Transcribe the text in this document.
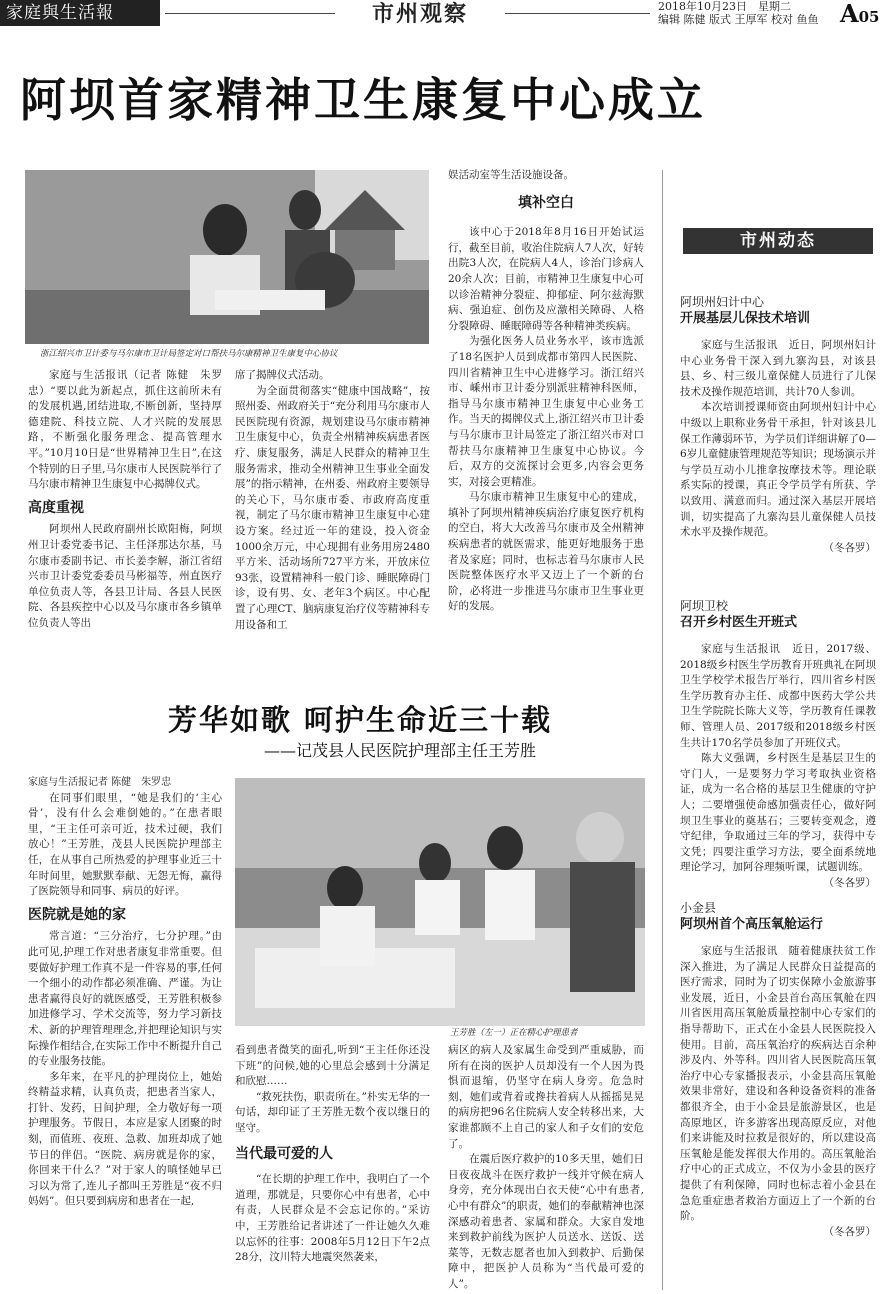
家庭與生活報	市州观察	2018年10月23日　星期二
编辑 陈健 版式 王厚军 校对 鱼鱼 A05
阿坝首家精神卫生康复中心成立
浙江绍兴市卫计委与马尔康市卫计局签定对口帮扶马尔康精神卫生康复中心协议

家庭与生活报讯（记者 陈健　朱罗忠）“要以此为新起点，抓住这前所未有的发展机遇,团结进取,不断创新，坚持厚德建院、科技立院、人才兴院的发展思路，不断强化服务理念、提高管理水平。”10月10日是“世界精神卫生日”,在这个特别的日子里,马尔康市人民医院举行了马尔康市精神卫生康复中心揭牌仪式。

高度重视

阿坝州人民政府副州长欧阳梅，阿坝州卫计委党委书记、主任泽那达尔基，马尔康市委副书记、市长姜李解，浙江省绍兴市卫计委党委委员马彬福等，州直医疗单位负责人等，各县卫计局、各县人民医院、各县疾控中心以及马尔康市各乡镇单位负责人等出

席了揭牌仪式活动。

为全面贯彻落实“健康中国战略”，按照州委、州政府关于“充分利用马尔康市人民医院现有资源，规划建设马尔康市精神卫生康复中心，负责全州精神疾病患者医疗、康复服务，满足人民群众的精神卫生服务需求，推动全州精神卫生事业全面发展”的指示精神，在州委、州政府主要领导的关心下，马尔康市委、市政府高度重视，制定了马尔康市精神卫生康复中心建设方案。经过近一年的建设，投入资金1000余万元，中心现拥有业务用房2480平方米、活动场所727平方米，开放床位93张，设置精神科一般门诊、睡眠障碍门诊，设有男、女、老年3个病区。中心配置了心理CT、脑病康复治疗仪等精神科专用设备和工

娱活动室等生活设施设备。

填补空白

该中心于2018年8月16日开始试运行，截至目前，收治住院病人7人次，好转出院3人次，在院病人4人，诊治门诊病人20余人次；目前，市精神卫生康复中心可以诊治精神分裂症、抑郁症、阿尔兹海默病、强迫症、创伤及应激相关障碍、人格分裂障碍、睡眠障碍等各种精神类疾病。

为强化医务人员业务水平，该市选派了18名医护人员到成都市第四人民医院、四川省精神卫生中心进修学习。浙江绍兴市、嵊州市卫计委分别派驻精神科医师，指导马尔康市精神卫生康复中心业务工作。当天的揭牌仪式上,浙江绍兴市卫计委与马尔康市卫计局签定了浙江绍兴市对口帮扶马尔康精神卫生康复中心协议。今后，双方的交流探讨会更多,内容会更务实，对接会更精准。

马尔康市精神卫生康复中心的建成，填补了阿坝州精神疾病治疗康复医疗机构的空白，将大大改善马尔康市及全州精神疾病患者的就医需求，能更好地服务于患者及家庭；同时，也标志着马尔康市人民医院整体医疗水平又迈上了一个新的台阶，必将进一步推进马尔康市卫生事业更好的发展。

芳华如歌 呵护生命近三十载
——记茂县人民医院护理部主任王芳胜

家庭与生活报记者 陈健　朱罗忠

在同事们眼里，“她是我们的‘主心骨’，没有什么会难倒她的。”在患者眼里，“王主任可亲可近，技术过硬，我们放心！”王芳胜，茂县人民医院护理部主任，在从事自己所热爱的护理事业近三十年时间里，她默默奉献、无怨无悔，赢得了医院领导和同事、病员的好评。

医院就是她的家

常言道：“三分治疗，七分护理。”由此可见,护理工作对患者康复非常重要。但要做好护理工作真不是一件容易的事,任何一个细小的动作都必须准确、严谨。为让患者赢得良好的就医感受，王芳胜积极参加进修学习、学术交流等，努力学习新技术、新的护理管理理念,并把理论知识与实际操作相结合,在实际工作中不断提升自己的专业服务技能。

多年来，在平凡的护理岗位上，她始终精益求精，认真负责，把患者当家人，打针、发药，日间护理，全力敬好每一项护理服务。节假日，本应是家人团聚的时刻，而值班、夜班、急救、加班却成了她节日的伴侣。“医院、病房就是你的家，你回来干什么？”对于家人的嗔怪她早已习以为常了,连儿子都叫王芳胜是“夜不归妈妈”。但只要到病房和患者在一起,

王芳胜（左一）正在精心护理患者

看到患者微笑的面孔,听到“王主任你还没下班”的问候,她的心里总会感到十分满足和欣慰……

“救死扶伤，职责所在。”朴实无华的一句话，却印证了王芳胜无数个夜以继日的坚守。

当代最可爱的人

“在长期的护理工作中，我明白了一个道理，那就是，只要你心中有患者，心中有责，人民群众是不会忘记你的。”采访中，王芳胜给记者讲述了一件让她久久难以忘怀的往事：2008年5月12日下午2点28分，汶川特大地震突然袭来，

病区的病人及家属生命受到严重威胁，而所有在岗的医护人员却没有一个人因为畏惧而退缩，仍坚守在病人身旁。危急时刻，她们或背着或搀扶着病人从摇摇晃晃的病房把96名住院病人安全转移出来，大家谁都顾不上自己的家人和子女们的安危了。

在震后医疗救护的10多天里，她们日日夜夜战斗在医疗救护一线并守候在病人身旁，充分体现出白衣天使“心中有患者,心中有群众”的职责，她们的奉献精神也深深感动着患者、家属和群众。大家自发地来到救护前线为医护人员送水、送饭、送菜等，无数志愿者也加入到救护、后勤保障中，把医护人员称为“当代最可爱的人”。

市州动态
阿坝州妇计中心
开展基层儿保技术培训

家庭与生活报讯　近日，阿坝州妇计中心业务骨干深入到九寨沟县，对该县县、乡、村三级儿童保健人员进行了儿保技术及操作规范培训，共计70人参训。

本次培训授课师资由阿坝州妇计中心中级以上职称业务骨干承担，针对该县儿保工作薄弱环节，为学员们详细讲解了0—6岁儿童健康管理规范等知识；现场演示并与学员互动小儿推拿按摩技术等。理论联系实际的授课，真正令学员学有所获、学以致用、满意而归。通过深入基层开展培训，切实提高了九寨沟县儿童保健人员技术水平及操作规范。

（冬各罗）

阿坝卫校
召开乡村医生开班式

家庭与生活报讯　近日，2017级、2018级乡村医生学历教育开班典礼在阿坝卫生学校学术报告厅举行，四川省乡村医生学历教育办主任、成都中医药大学公共卫生学院院长陈大义等，学历教育任课教师、管理人员、2017级和2018级乡村医生共计170名学员参加了开班仪式。

陈大义强调，乡村医生是基层卫生的守门人，一是要努力学习考取执业资格证，成为一名合格的基层卫生健康的守护人；二要增强使命感加强责任心，做好阿坝卫生事业的奠基石；三要转变观念，遵守纪律，争取通过三年的学习，获得中专文凭；四要注重学习方法，要全面系统地理论学习，加阿谷理频听课，试题训练。

（冬各罗）

小金县
阿坝州首个高压氧舱运行

家庭与生活报讯　随着健康扶贫工作深入推进，为了满足人民群众日益提高的医疗需求，同时为了切实保障小金旅游事业发展，近日，小金县首台高压氧舱在四川省医用高压氧舱质量控制中心专家们的指导帮助下，正式在小金县人民医院投入使用。目前，高压氧治疗的疾病达百余种涉及内、外等科。四川省人民医院高压氧治疗中心专家播报表示，小金县高压氧舱效果非常好，建设和各种设备资料的准备都很齐全，由于小金县是旅游景区，也是高原地区，许多游客出现高原反应，对他们来讲能及时拉救是很好的，所以建设高压氧舱是能发挥很大作用的。高压氧舱治疗中心的正式成立，不仅为小金县的医疗提供了有利保障，同时也标志着小金县在急危重症患者救治方面迈上了一个新的台阶。

（冬各罗）
